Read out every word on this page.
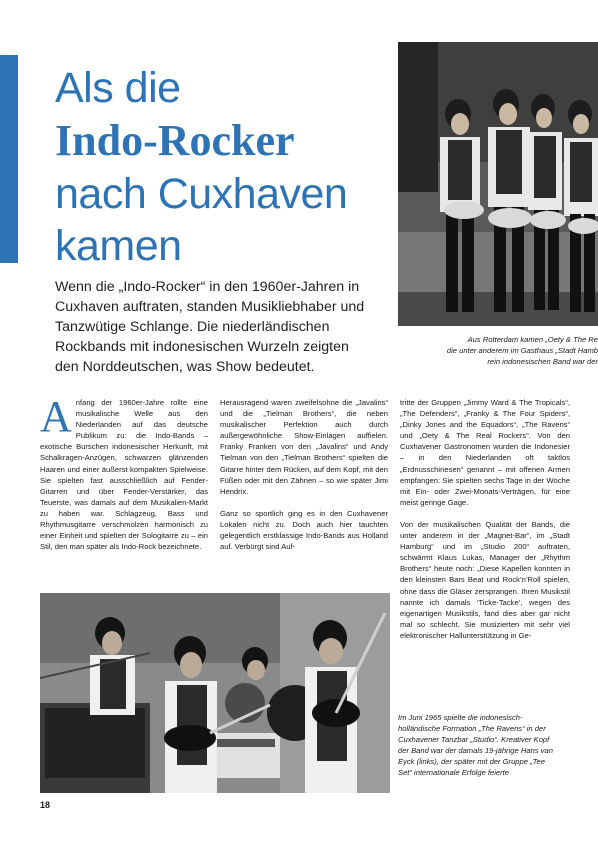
Als die
Indo-Rocker
nach Cuxhaven
kamen
Wenn die „Indo-Rocker“ in den 1960er-Jahren in Cuxhaven auftraten, standen Musikliebhaber und Tanzwütige Schlange. Die niederländischen Rockbands mit indonesischen Wurzeln zeigten den Norddeutschen, was Show bedeutet.
Aus Rotterdam kamen „Oety & The Re
die unter anderem im Gasthaus „Stadt Hamb
rein indonesischen Band war der

Anfang der 1960er-Jahre rollte eine musikalische Welle aus den Niederlanden auf das deutsche Publikum zu: die Indo-Bands – exotische Burschen indonesischer Herkunft, mit Schalkragen-Anzügen, schwarzen glänzenden Haaren und einer äußerst kompakten Spielweise. Sie spielten fast ausschließlich auf Fender-Gitarren und über Fender-Verstärker, das Teuerste, was damals auf dem Musikalien-Markt zu haben war. Schlagzeug, Bass und Rhythmusgitarre verschmolzen harmonisch zu einer Einheit und spielten der Sologitarre zu – ein Stil, den man später als Indo-Rock bezeichnete.

Herausragend waren zweifelsohne die „Javalins“ und die „Tielman Brothers“, die neben musikalischer Perfektion auch durch außergewöhnliche Show-Einlagen auffielen. Franky Franken von den „Javalins“ und Andy Tielman von den „Tielman Brothers“ spielten die Gitarre hinter dem Rücken, auf dem Kopf, mit den Füßen oder mit den Zähnen – so wie später Jimi Hendrix.

Ganz so sportlich ging es in den Cuxhavener Lokalen nicht zu. Doch auch hier tauchten gelegentlich erstklassige Indo-Bands aus Holland auf. Verbürgt sind Auf-

tritte der Gruppen „Jimmy Ward & The Tropicals“, „The Defenders“, „Franky & The Four Spiders“, „Dinky Jones and the Equadors“, „The Ravens“ und „Oety & The Real Rockers“. Von den Cuxhavener Gastronomen wurden die Indonesier – in den Niederlanden oft taktlos „Erdnusschinesen“ genannt – mit offenen Armen empfangen: Sie spielten sechs Tage in der Woche mit Ein- oder Zwei-Monats-Verträgen, für eine meist geringe Gage.

Von der musikalischen Qualität der Bands, die unter anderem in der „Magnet-Bar“, im „Stadt Hamburg“ und im „Studio 200“ auftraten, schwärmt Klaus Lukas, Manager der „Rhythm Brothers“ heute noch: „Diese Kapellen konnten in den kleinsten Bars Beat und Rock’n’Roll spielen, ohne dass die Gläser zersprangen. Ihren Musikstil nannte ich damals ‘Ticke-Tacke’, wegen des eigenartigen Musikstils, fand dies aber gar nicht mal so schlecht. Sie musizierten mit sehr viel elektronischer Hallunterstützung in Ge-

Im Juni 1965 spielte die indonesisch-holländische Formation „The Ravens“ in der Cuxhavener Tanzbar „Studio“. Kreativer Kopf der Band war der damals 19-jährige Hans van Eyck (links), der später mit der Gruppe „Tee Set“ internationale Erfolge feierte
18
